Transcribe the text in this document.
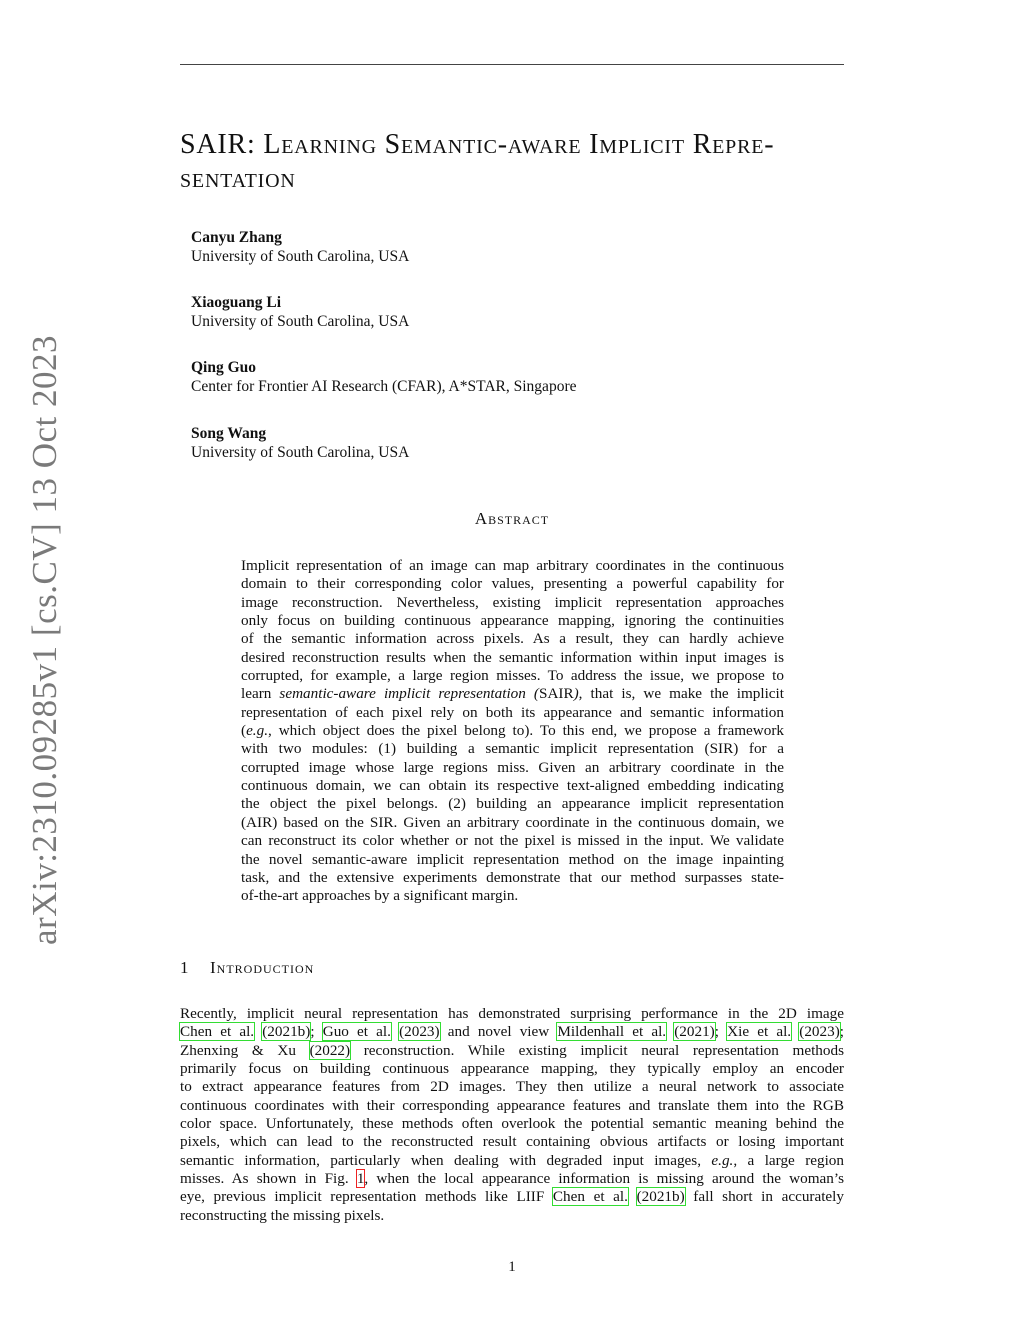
arXiv:2310.09285v1 [cs.CV] 13 Oct 2023
SAIR: Learning Semantic-aware Implicit Repre-
sentation
Canyu Zhang
University of South Carolina, USA
Xiaoguang Li
University of South Carolina, USA
Qing Guo
Center for Frontier AI Research (CFAR), A*STAR, Singapore
Song Wang
University of South Carolina, USA
Abstract
Implicit representation of an image can map arbitrary coordinates in the continuous
domain to their corresponding color values, presenting a powerful capability for
image reconstruction. Nevertheless, existing implicit representation approaches
only focus on building continuous appearance mapping, ignoring the continuities
of the semantic information across pixels. As a result, they can hardly achieve
desired reconstruction results when the semantic information within input images is
corrupted, for example, a large region misses. To address the issue, we propose to
learn semantic-aware implicit representation (SAIR), that is, we make the implicit
representation of each pixel rely on both its appearance and semantic information
(e.g., which object does the pixel belong to). To this end, we propose a framework
with two modules: (1) building a semantic implicit representation (SIR) for a
corrupted image whose large regions miss. Given an arbitrary coordinate in the
continuous domain, we can obtain its respective text-aligned embedding indicating
the object the pixel belongs. (2) building an appearance implicit representation
(AIR) based on the SIR. Given an arbitrary coordinate in the continuous domain, we
can reconstruct its color whether or not the pixel is missed in the input. We validate
the novel semantic-aware implicit representation method on the image inpainting
task, and the extensive experiments demonstrate that our method surpasses state-
of-the-art approaches by a significant margin.
1 Introduction
Recently, implicit neural representation has demonstrated surprising performance in the 2D image
Chen et al. (2021b); Guo et al. (2023) and novel view Mildenhall et al. (2021); Xie et al. (2023);
Zhenxing & Xu (2022) reconstruction. While existing implicit neural representation methods
primarily focus on building continuous appearance mapping, they typically employ an encoder
to extract appearance features from 2D images. They then utilize a neural network to associate
continuous coordinates with their corresponding appearance features and translate them into the RGB
color space. Unfortunately, these methods often overlook the potential semantic meaning behind the
pixels, which can lead to the reconstructed result containing obvious artifacts or losing important
semantic information, particularly when dealing with degraded input images, e.g., a large region
misses. As shown in Fig. 1, when the local appearance information is missing around the woman’s
eye, previous implicit representation methods like LIIF Chen et al. (2021b) fall short in accurately
reconstructing the missing pixels.
1
